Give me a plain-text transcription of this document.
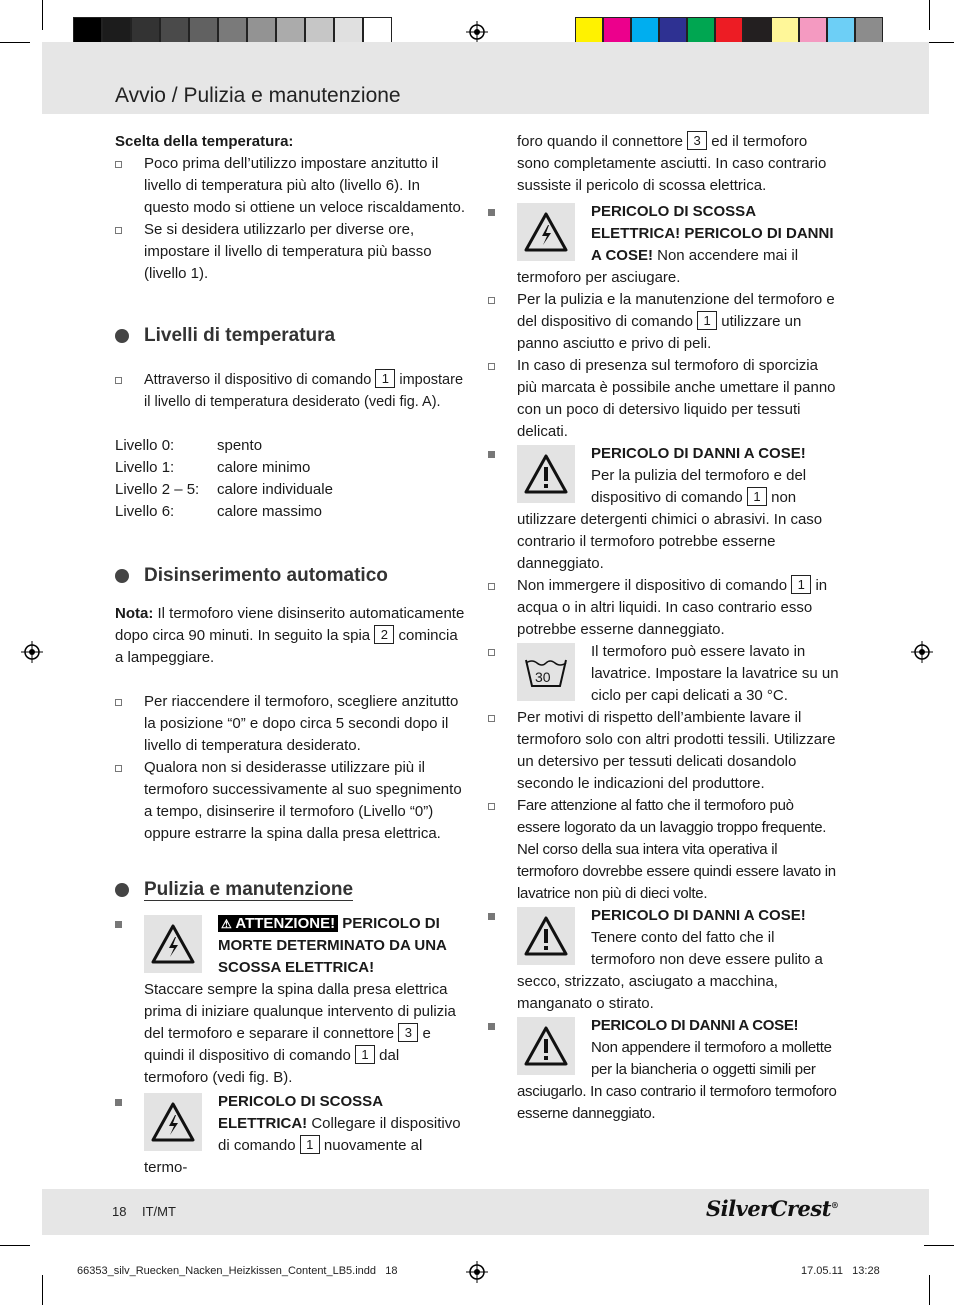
Avvio / Pulizia e manutenzione

Scelta della temperatura:

Poco prima dell’utilizzo impostare anzitutto il livello di temperatura più alto (livello 6). In questo modo si ottiene un veloce riscaldamento.

Se si desidera utilizzarlo per diverse ore, impostare il livello di temperatura più basso (livello 1).

Livelli di temperatura

Attraverso il dispositivo di comando 1 impostare il livello di temperatura desiderato (vedi fig. A).

Livello 0:	spento
Livello 1:	calore minimo
Livello 2 – 5:	calore individuale
Livello 6:	calore massimo
Disinserimento automatico

Nota: Il termoforo viene disinserito automaticamente dopo circa 90 minuti. In seguito la spia 2 comincia a lampeggiare.

Per riaccendere il termoforo, scegliere anzitutto la posizione “0” e dopo circa 5 secondi dopo il livello di temperatura desiderato.

Qualora non si desiderasse utilizzare più il termoforo successivamente al suo spegnimento a tempo, disinserire il termoforo (Livello “0”) oppure estrarre la spina dalla presa elettrica.

Pulizia e manutenzione

⚠ ATTENZIONE! PERICOLO DI MORTE DETERMINATO DA UNA SCOSSA ELETTRICA!
Staccare sempre la spina dalla presa elettrica prima di iniziare qualunque intervento di pulizia del termoforo e separare il connettore 3 e quindi il dispositivo di comando 1 dal termoforo (vedi fig. B).

PERICOLO DI SCOSSA ELETTRICA! Collegare il dispositivo di comando 1 nuovamente al termo-

foro quando il connettore 3 ed il termoforo sono completamente asciutti. In caso contrario sussiste il pericolo di scossa elettrica.

PERICOLO DI SCOSSA ELETTRICA! PERICOLO DI DANNI A COSE! Non accendere mai il termoforo per asciugare.

Per la pulizia e la manutenzione del termoforo e del dispositivo di comando 1 utilizzare un panno asciutto e privo di peli.

In caso di presenza sul termoforo di sporcizia più marcata è possibile anche umettare il panno con un poco di detersivo liquido per tessuti delicati.

PERICOLO DI DANNI A COSE!
Per la pulizia del termoforo e del dispositivo di comando 1 non utilizzare detergenti chimici o abrasivi. In caso contrario il termoforo potrebbe esserne danneggiato.

Non immergere il dispositivo di comando 1 in acqua o in altri liquidi. In caso contrario esso potrebbe esserne danneggiato.

30

Il termoforo può essere lavato in lavatrice. Impostare la lavatrice su un ciclo per capi delicati a 30 °C.

Per motivi di rispetto dell’ambiente lavare il termoforo solo con altri prodotti tessili. Utilizzare un detersivo per tessuti delicati dosandolo secondo le indicazioni del produttore.

Fare attenzione al fatto che il termoforo può essere logorato da un lavaggio troppo frequente. Nel corso della sua intera vita operativa il termoforo dovrebbe essere quindi essere lavato in lavatrice non più di dieci volte.

PERICOLO DI DANNI A COSE!
Tenere conto del fatto che il termoforo non deve essere pulito a secco, strizzato, asciugato a macchina, manganato o stirato.

PERICOLO DI DANNI A COSE!
Non appendere il termoforo a mollette per la biancheria o oggetti simili per asciugarlo. In caso contrario il termoforo termoforo esserne danneggiato.

18 IT/MT	SilverCrest®
66353_silv_Ruecken_Nacken_Heizkissen_Content_LB5.indd   18	17.05.11   13:28
